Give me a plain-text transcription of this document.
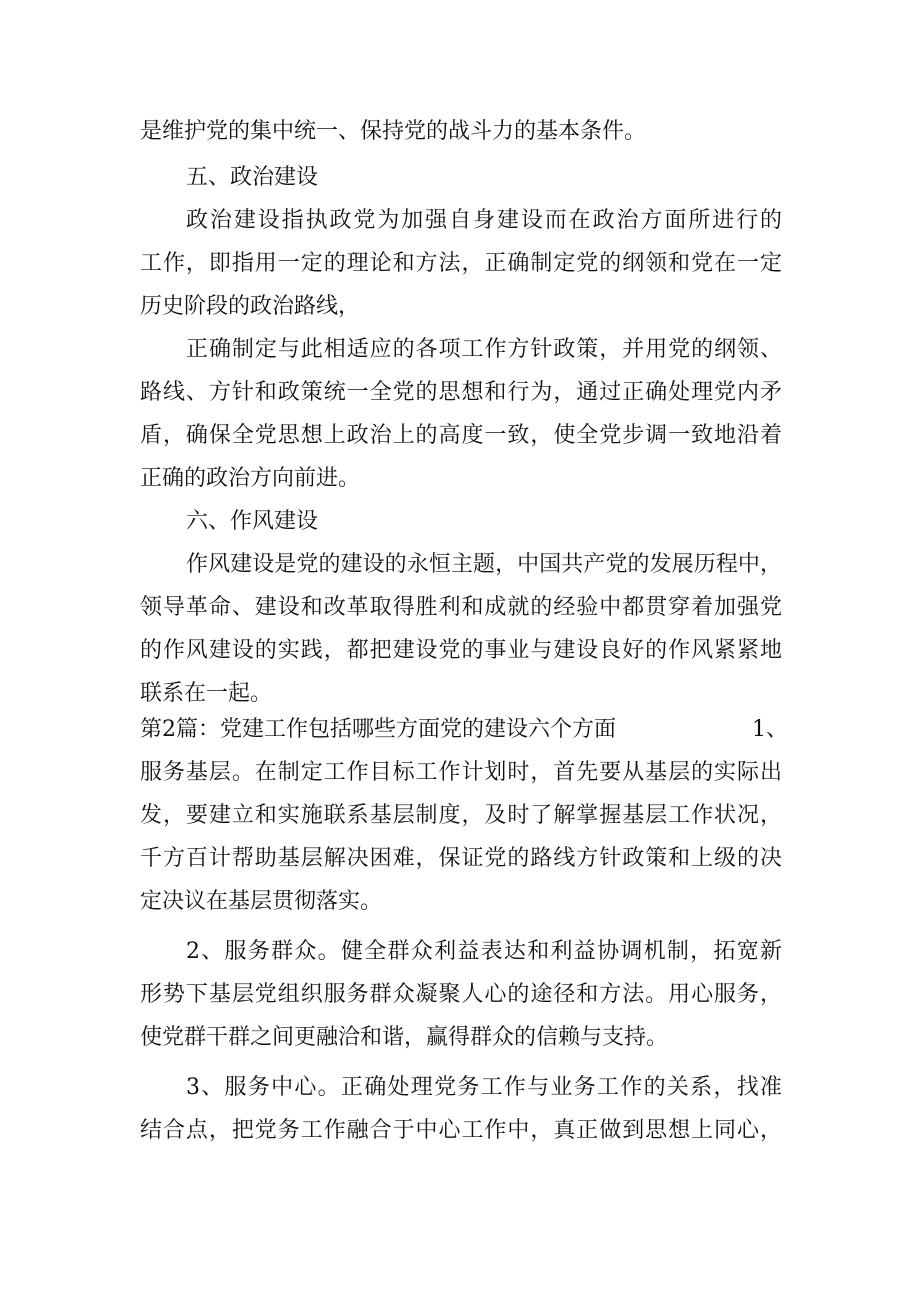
是维护党的集中统一、保持党的战斗力的基本条件。
五、政治建设
政治建设指执政党为加强自身建设而在政治方面所进行的
工作，即指用一定的理论和方法，正确制定党的纲领和党在一定
历史阶段的政治路线，
正确制定与此相适应的各项工作方针政策，并用党的纲领、
路线、方针和政策统一全党的思想和行为，通过正确处理党内矛
盾，确保全党思想上政治上的高度一致，使全党步调一致地沿着
正确的政治方向前进。
六、作风建设
作风建设是党的建设的永恒主题，中国共产党的发展历程中，
领导革命、建设和改革取得胜利和成就的经验中都贯穿着加强党
的作风建设的实践，都把建设党的事业与建设良好的作风紧紧地
联系在一起。
第2篇：党建工作包括哪些方面党的建设六个方面	1、
服务基层。在制定工作目标工作计划时，首先要从基层的实际出
发，要建立和实施联系基层制度，及时了解掌握基层工作状况，
千方百计帮助基层解决困难，保证党的路线方针政策和上级的决
定决议在基层贯彻落实。
2、服务群众。健全群众利益表达和利益协调机制，拓宽新
形势下基层党组织服务群众凝聚人心的途径和方法。用心服务，
使党群干群之间更融洽和谐，赢得群众的信赖与支持。
3、服务中心。正确处理党务工作与业务工作的关系，找准
结合点，把党务工作融合于中心工作中，真正做到思想上同心，
